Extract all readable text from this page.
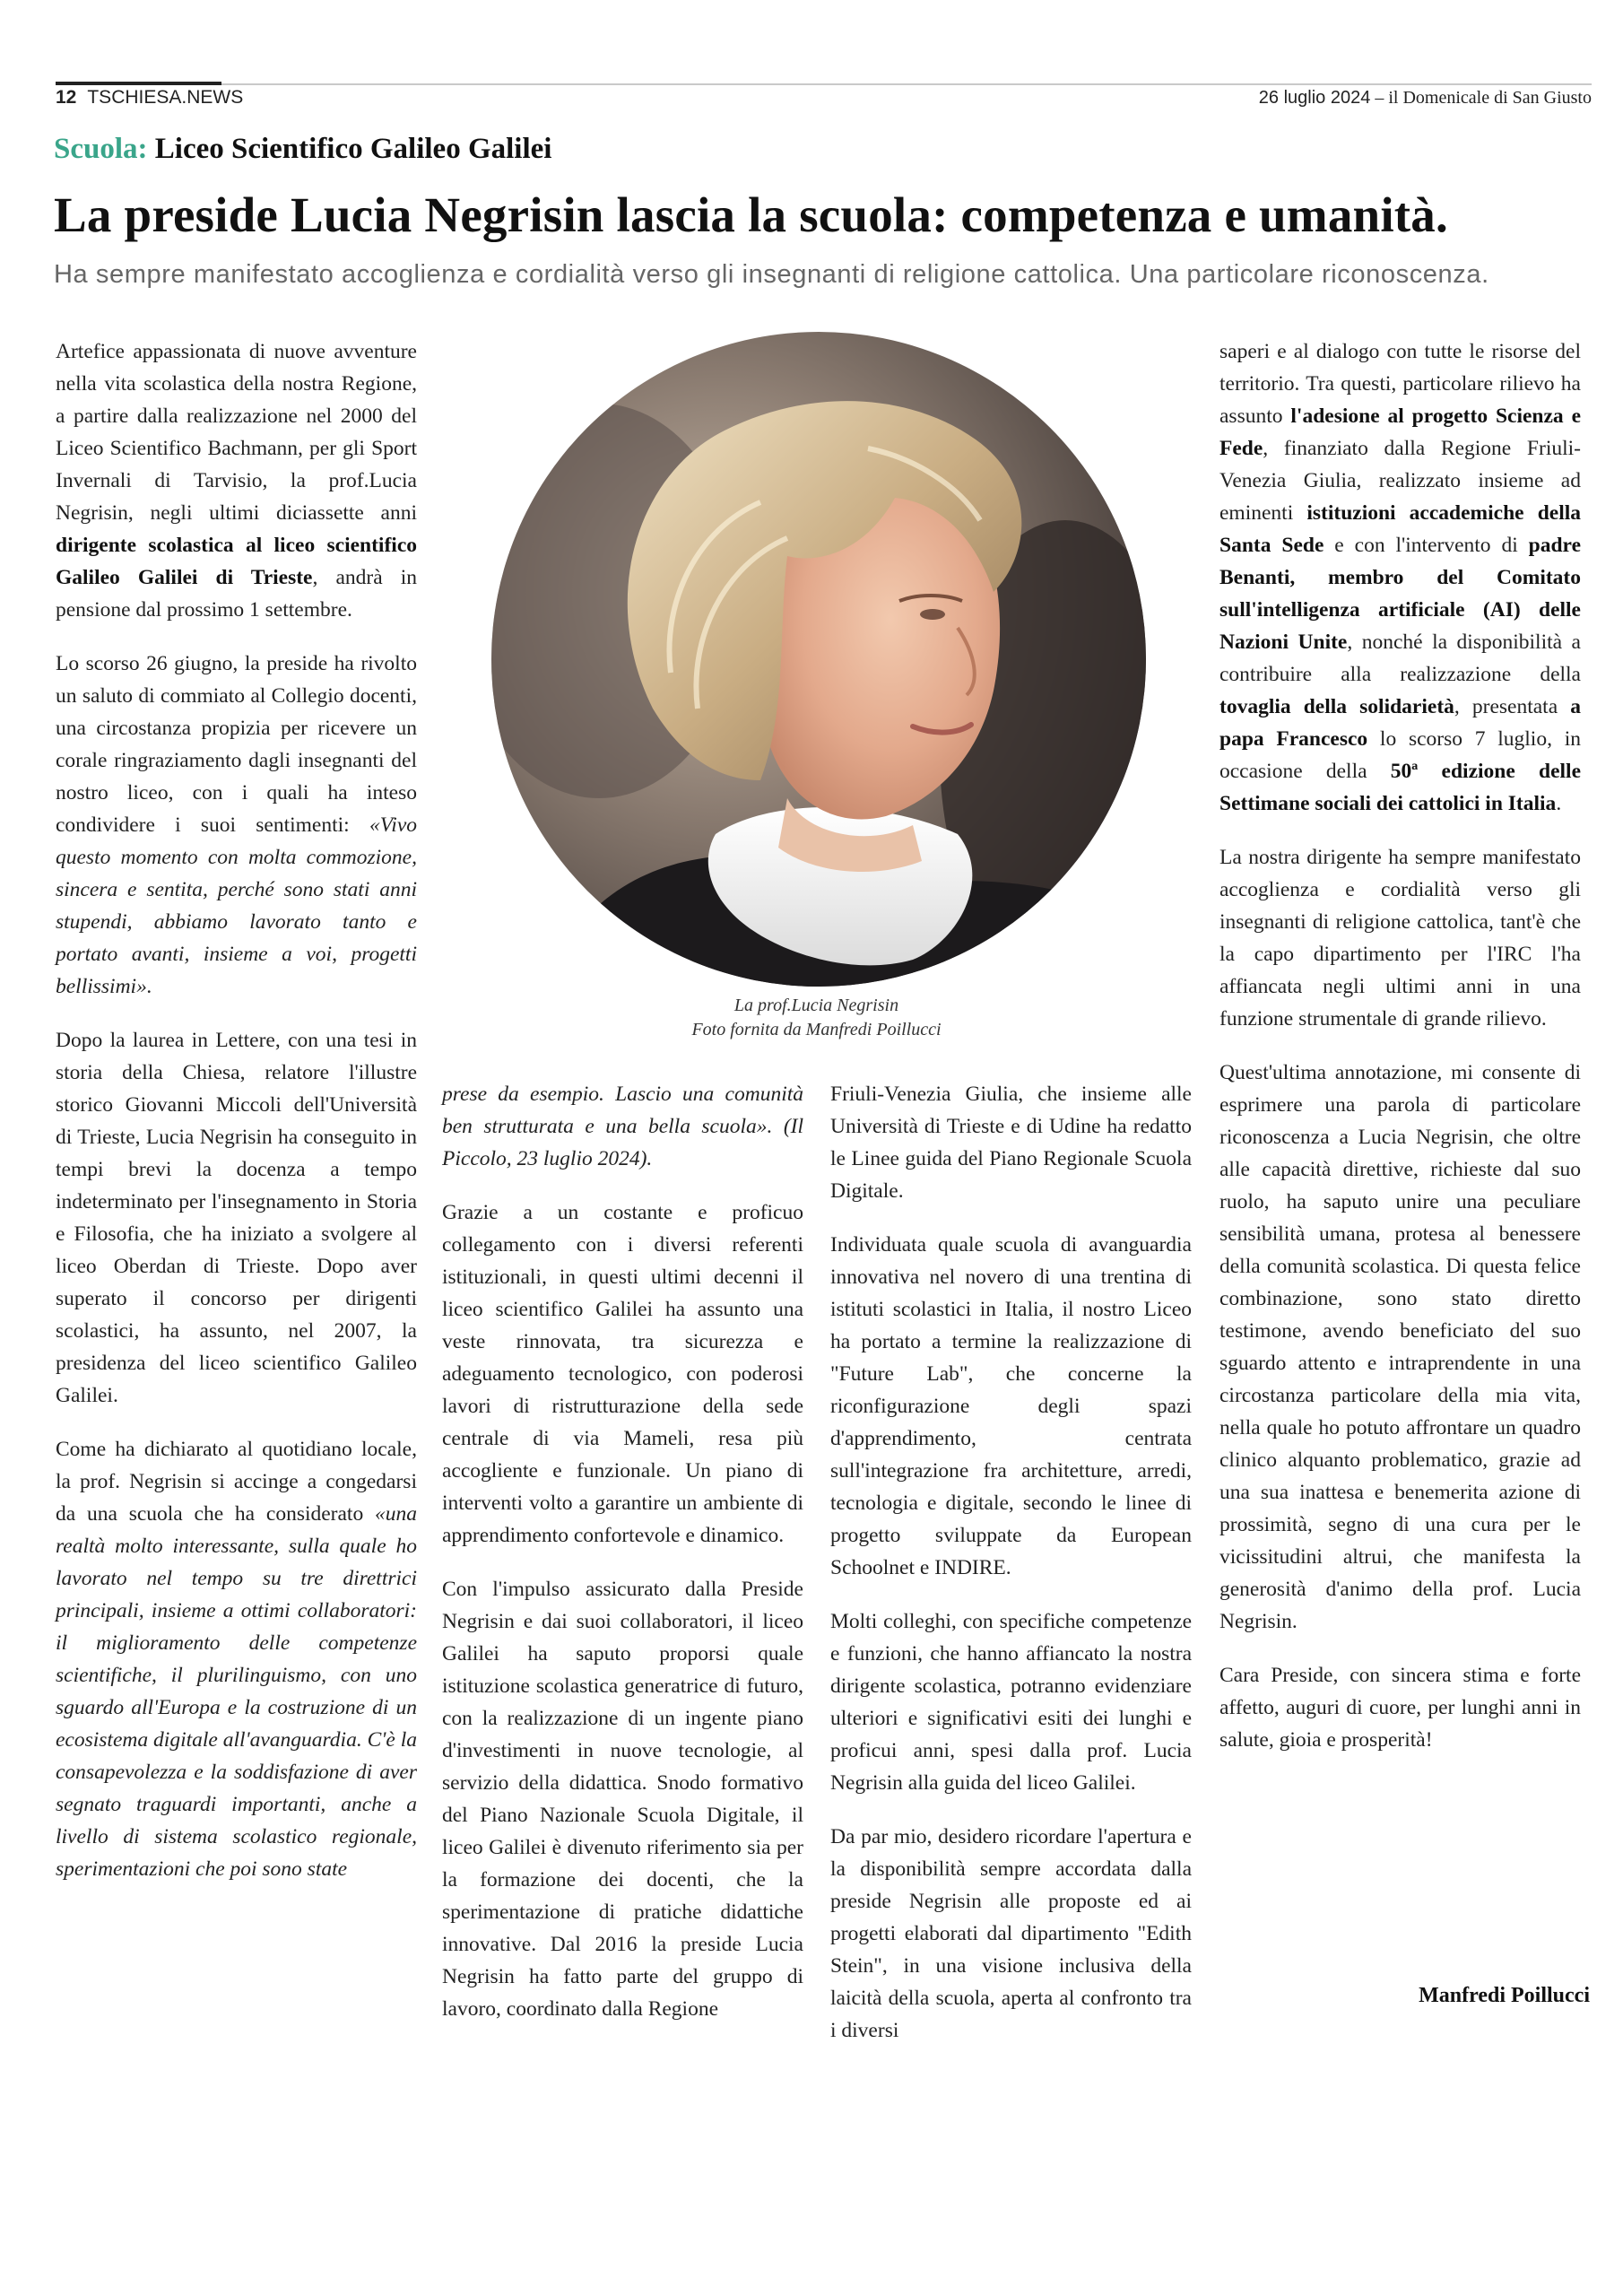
12 TSCHIESA.NEWS	26 luglio 2024 – il Domenicale di San Giusto
Scuola: Liceo Scientifico Galileo Galilei
La preside Lucia Negrisin lascia la scuola: competenza e umanità.
Ha sempre manifestato accoglienza e cordialità verso gli insegnanti di religione cattolica. Una particolare riconoscenza.

Artefice appassionata di nuove avventure nella vita scolastica della nostra Regione, a partire dalla realizzazione nel 2000 del Liceo Scientifico Bachmann, per gli Sport Invernali di Tarvisio, la prof.Lucia Negrisin, negli ultimi diciassette anni dirigente scolastica al liceo scientifico Galileo Galilei di Trieste, andrà in pensione dal prossimo 1 settembre.

Lo scorso 26 giugno, la preside ha rivolto un saluto di commiato al Collegio docenti, una circostanza propizia per ricevere un corale ringraziamento dagli insegnanti del nostro liceo, con i quali ha inteso condividere i suoi sentimenti: «Vivo questo momento con molta commozione, sincera e sentita, perché sono stati anni stupendi, abbiamo lavorato tanto e portato avanti, insieme a voi, progetti bellissimi».

Dopo la laurea in Lettere, con una tesi in storia della Chiesa, relatore l'illustre storico Giovanni Miccoli dell'Università di Trieste, Lucia Negrisin ha conseguito in tempi brevi la docenza a tempo indeterminato per l'insegnamento in Storia e Filosofia, che ha iniziato a svolgere al liceo Oberdan di Trieste. Dopo aver superato il concorso per dirigenti scolastici, ha assunto, nel 2007, la presidenza del liceo scientifico Galileo Galilei.

Come ha dichiarato al quotidiano locale, la prof. Negrisin si accinge a congedarsi da una scuola che ha considerato «una realtà molto interessante, sulla quale ho lavorato nel tempo su tre direttrici principali, insieme a ottimi collaboratori: il miglioramento delle competenze scientifiche, il plurilinguismo, con uno sguardo all'Europa e la costruzione di un ecosistema digitale all'avanguardia. C'è la consapevolezza e la soddisfazione di aver segnato traguardi importanti, anche a livello di sistema scolastico regionale, sperimentazioni che poi sono state

La prof.Lucia Negrisin
Foto fornita da Manfredi Poillucci

prese da esempio. Lascio una comunità ben strutturata e una bella scuola». (Il Piccolo, 23 luglio 2024).

Grazie a un costante e proficuo collegamento con i diversi referenti istituzionali, in questi ultimi decenni il liceo scientifico Galilei ha assunto una veste rinnovata, tra sicurezza e adeguamento tecnologico, con poderosi lavori di ristrutturazione della sede centrale di via Mameli, resa più accogliente e funzionale. Un piano di interventi volto a garantire un ambiente di apprendimento confortevole e dinamico.

Con l'impulso assicurato dalla Preside Negrisin e dai suoi collaboratori, il liceo Galilei ha saputo proporsi quale istituzione scolastica generatrice di futuro, con la realizzazione di un ingente piano d'investimenti in nuove tecnologie, al servizio della didattica. Snodo formativo del Piano Nazionale Scuola Digitale, il liceo Galilei è divenuto riferimento sia per la formazione dei docenti, che la sperimentazione di pratiche didattiche innovative. Dal 2016 la preside Lucia Negrisin ha fatto parte del gruppo di lavoro, coordinato dalla Regione

Friuli-Venezia Giulia, che insieme alle Università di Trieste e di Udine ha redatto le Linee guida del Piano Regionale Scuola Digitale.

Individuata quale scuola di avanguardia innovativa nel novero di una trentina di istituti scolastici in Italia, il nostro Liceo ha portato a termine la realizzazione di "Future Lab", che concerne la riconfigurazione degli spazi d'apprendimento, centrata sull'integrazione fra architetture, arredi, tecnologia e digitale, secondo le linee di progetto sviluppate da European Schoolnet e INDIRE.

Molti colleghi, con specifiche competenze e funzioni, che hanno affiancato la nostra dirigente scolastica, potranno evidenziare ulteriori e significativi esiti dei lunghi e proficui anni, spesi dalla prof. Lucia Negrisin alla guida del liceo Galilei.

Da par mio, desidero ricordare l'apertura e la disponibilità sempre accordata dalla preside Negrisin alle proposte ed ai progetti elaborati dal dipartimento "Edith Stein", in una visione inclusiva della laicità della scuola, aperta al confronto tra i diversi

saperi e al dialogo con tutte le risorse del territorio. Tra questi, particolare rilievo ha assunto l'adesione al progetto Scienza e Fede, finanziato dalla Regione Friuli-Venezia Giulia, realizzato insieme ad eminenti istituzioni accademiche della Santa Sede e con l'intervento di padre Benanti, membro del Comitato sull'intelligenza artificiale (AI) delle Nazioni Unite, nonché la disponibilità a contribuire alla realizzazione della tovaglia della solidarietà, presentata a papa Francesco lo scorso 7 luglio, in occasione della 50ª edizione delle Settimane sociali dei cattolici in Italia.

La nostra dirigente ha sempre manifestato accoglienza e cordialità verso gli insegnanti di religione cattolica, tant'è che la capo dipartimento per l'IRC l'ha affiancata negli ultimi anni in una funzione strumentale di grande rilievo.

Quest'ultima annotazione, mi consente di esprimere una parola di particolare riconoscenza a Lucia Negrisin, che oltre alle capacità direttive, richieste dal suo ruolo, ha saputo unire una peculiare sensibilità umana, protesa al benessere della comunità scolastica. Di questa felice combinazione, sono stato diretto testimone, avendo beneficiato del suo sguardo attento e intraprendente in una circostanza particolare della mia vita, nella quale ho potuto affrontare un quadro clinico alquanto problematico, grazie ad una sua inattesa e benemerita azione di prossimità, segno di una cura per le vicissitudini altrui, che manifesta la generosità d'animo della prof. Lucia Negrisin.

Cara Preside, con sincera stima e forte affetto, auguri di cuore, per lunghi anni in salute, gioia e prosperità!

Manfredi Poillucci
